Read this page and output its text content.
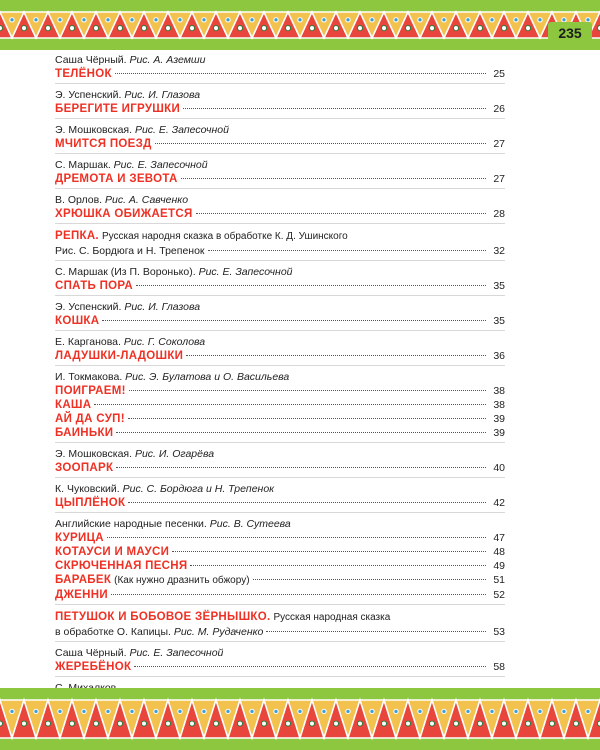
235
Саша Чёрный. Рис. А. Аземши
ТЕЛЁНОК	25
Э. Успенский. Рис. И. Глазова
БЕРЕГИТЕ ИГРУШКИ	26
Э. Мошковская. Рис. Е. Запесочной
МЧИТСЯ ПОЕЗД	27
С. Маршак. Рис. Е. Запесочной
ДРЕМОТА И ЗЕВОТА	27
В. Орлов. Рис. А. Савченко
ХРЮШКА ОБИЖАЕТСЯ	28
РЕПКА. Русская народня сказка в обработке К. Д. Ушинского
Рис. С. Бордюга и Н. Трепенок	32
С. Маршак (Из П. Воронько). Рис. Е. Запесочной
СПАТЬ ПОРА	35
Э. Успенский. Рис. И. Глазова
КОШКА	35
Е. Карганова. Рис. Г. Соколова
ЛАДУШКИ-ЛАДОШКИ	36
И. Токмакова. Рис. Э. Булатова и О. Васильева
ПОИГРАЕМ!	38
КАША	38
АЙ ДА СУП!	39
БАИНЬКИ	39
Э. Мошковская. Рис. И. Огарёва
ЗООПАРК	40
К. Чуковский. Рис. С. Бордюга и Н. Трепенок
ЦЫПЛЁНОК	42
Английские народные песенки. Рис. В. Сутеева
КУРИЦА	47
КОТАУСИ И МАУСИ	48
СКРЮЧЕННАЯ ПЕСНЯ	49
БАРАБЕК (Как нужно дразнить обжору)	51
ДЖЕННИ	52
ПЕТУШОК И БОБОВОЕ ЗЁРНЫШКО. Русская народная сказка
в обработке О. Капицы. Рис. М. Рудаченко	53
Саша Чёрный. Рис. Е. Запесочной
ЖЕРЕБЁНОК	58
